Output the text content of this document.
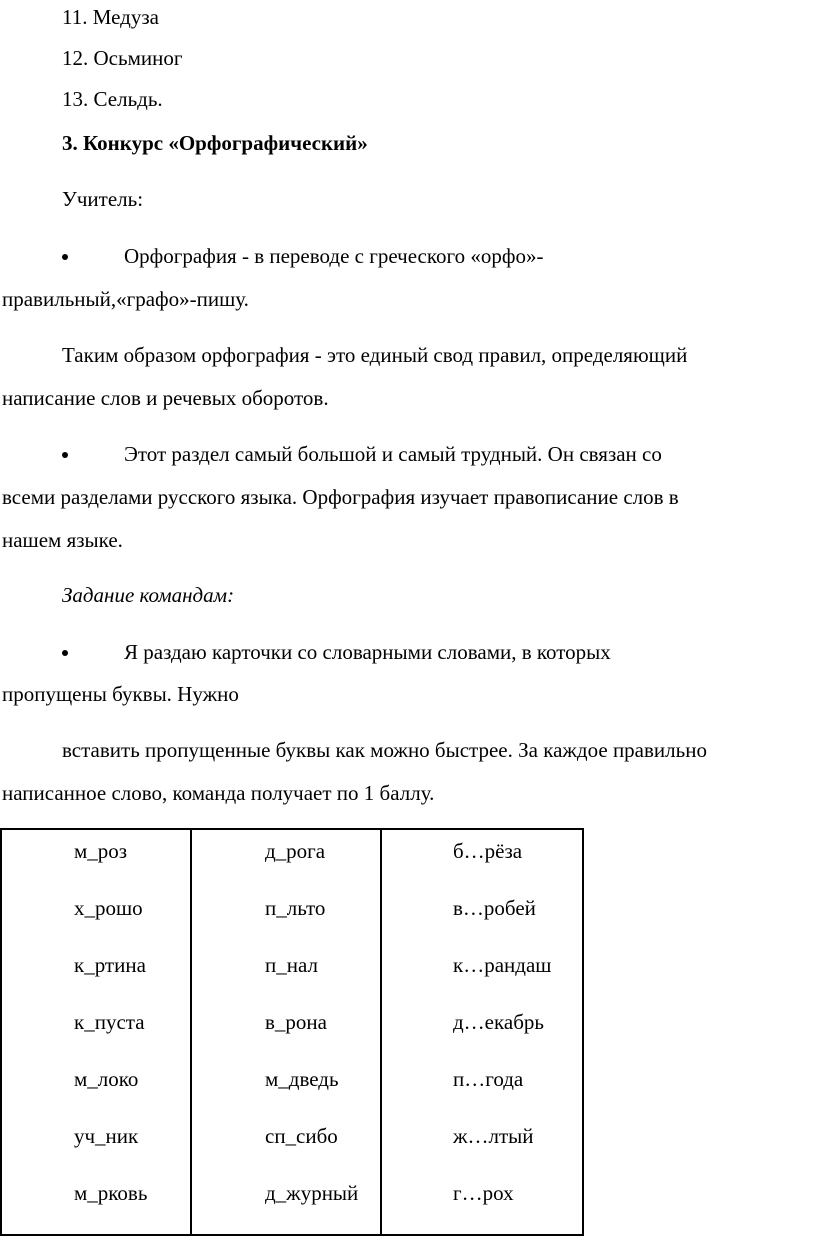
11. Медуза
12. Осьминог
13. Сельдь.
3. Конкурс «Орфографический»
Учитель:
Орфография - в переводе с греческого «орфо»-
правильный,«графо»-пишу.
Таким образом орфография - это единый свод правил, определяющий
написание слов и речевых оборотов.
Этот раздел самый большой и самый трудный. Он связан со
всеми разделами русского языка. Орфография изучает правописание слов в
нашем языке.
Задание командам:
Я раздаю карточки со словарными словами, в которых
пропущены буквы. Нужно
вставить пропущенные буквы как можно быстрее. За каждое правильно
написанное слово, команда получает по 1 баллу.
м_роз	д_рога	б…рёза

х_рошо	п_льто	в…робей

к_ртина	п_нал	к…рандаш

к_пуста	в_рона	д…екабрь

м_локо	м_дведь	п…года

уч_ник	сп_сибо	ж…лтый

м_рковь	д_журный	г…рох
